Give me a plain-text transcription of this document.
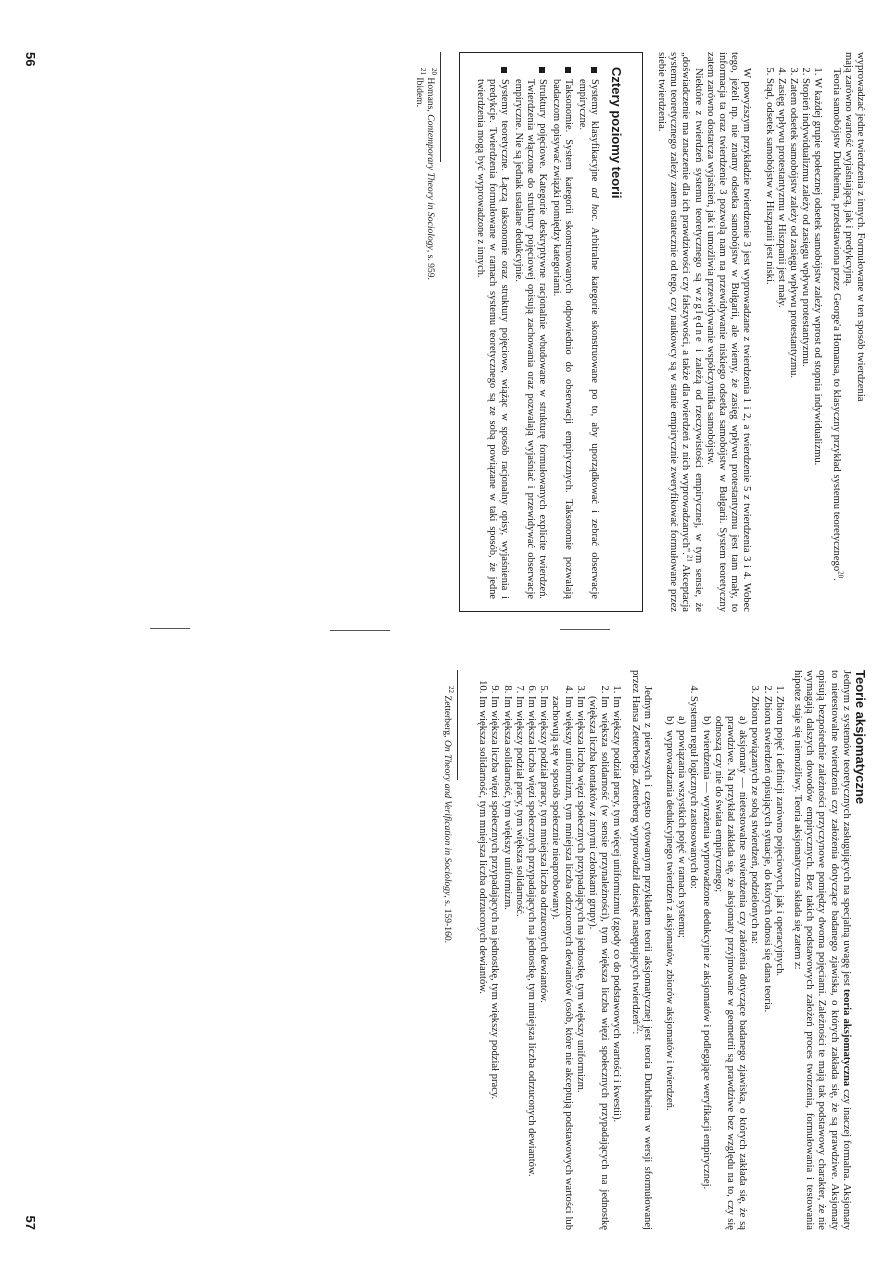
wyprowadzać jedne twierdzenia z innych. Formułowane w ten sposób twierdzenia

mają zarówno wartość wyjaśniającą, jak i predykcyjną.

Teoria samobójstw Durkheima, przedstawiona przez George'a Homansa, to klasyczny przykład systemu teoretycznego$^{20}$.

1. W każdej grupie społecznej odsetek samobójstw zależy wprost od stopnia indywidualizmu.
2. Stopień indywidualizmu zależy od zasięgu wpływu protestantyzmu.
3. Zatem odsetek samobójstw zależy od zasięgu wpływu protestantyzmu.
4. Zasięg wpływu protestantyzmu w Hiszpanii jest mały.
5. Stąd, odsetek samobójstw w Hiszpanii jest niski.

W powyższym przykładzie twierdzenie 3 jest wyprowadzane z twierdzenia 1 i 2, a twierdzenie 5 z twierdzenia 3 i 4. Wobec tego, jeżeli np. nie znamy odsetka samobójstw w Bułgarii, ale wiemy, że zasięg wpływu protestantyzmu jest tam mały, to informacja ta oraz twierdzenie 3 pozwolą nam na przewidywanie niskiego odsetka samobójstw w Bułgarii. System teoretyczny zatem zarówno dostarcza wyjaśnień, jak i umożliwia przewidywanie współczynnika samobójstw.

Niektóre z twierdzeń systemu teoretycznego są względne i zależą od rzeczywistości empirycznej, w tym sensie, że „doświadczenie ma znaczenie dla ich prawdziwości czy fałszywości, a także dla twierdzeń z nich wyprowadzanych".$^{21}$ Akceptacja systemu teoretycznego zależy zatem ostatecznie od tego, czy naukowcy są w stanie empirycznie zweryfikować formułowane przez siebie twierdzenia.

Cztery poziomy teorii
Systemy klasyfikacyjne ad hoc. Arbitralne kategorie skonstruowane po to, aby uporządkować i zebrać obserwacje empiryczne.
Taksonomie. System kategorii skonstruowanych odpowiednio do obserwacji empirycznych. Taksonomie pozwalają badaczom opisywać związki pomiędzy kategoriami.
Struktury pojęciowe. Kategorie deskryptywne racjonalnie wbudowane w strukturę formułowanych explicite twierdzeń. Twierdzenia włączone do struktury pojęciowej opisują zachowania oraz pozwalają wyjaśniać i przewidywać obserwacje empiryczne. Nie są jednak ustalane dedukcyjnie.
Systemy teoretyczne. Łączą taksonomie oraz struktury pojęciowe, wiążąc w sposób racjonalny opisy, wyjaśnienia i predykcje. Twierdzenia formułowane w ramach systemu teoretycznego są ze sobą powiązane w taki sposób, że jedne twierdzenia mogą być wyprowadzone z innych.

$^{20}$ Homans, Contemporary Theory in Sociology, s. 959.

$^{21}$ Ibidem.

56
Teorie aksjomatyczne

Jednym z systemów teoretycznych zasługujących na specjalną uwagę jest teoria aksjomatyczna czy inaczej formalna. Aksjomaty to nietestowalne twierdzenia czy założenia dotyczące badanego zjawiska, o których zakłada się, że są prawdziwe. Aksjomaty opisują bezpośrednie zależności przyczynowe pomiędzy dwoma pojęciami. Zależności te mają tak podstawowy charakter, że nie wymagają dalszych dowodów empirycznych. Bez takich podstawowych założeń proces tworzenia, formułowania i testowania hipotez staje się niemożliwy. Teoria aksjomatyczna składa się zatem z:

1. Zbioru pojęć i definicji zarówno pojęciowych, jak i operacyjnych.
2. Zbioru stwierdzeń opisujących sytuacje, do których odnosi się dana teoria.
3. Zbioru powiązanych ze sobą stwierdzeń, podzielonych na:
a)aksjomaty — nietestowalne stwierdzenia czy założenia dotyczące badanego zjawiska, o których zakłada się, że są prawdziwe. Na przykład zakłada się, że aksjomaty przyjmowane w geometrii są prawdziwe bez względu na to, czy się odnoszą czy nie do świata empirycznego;
b)twierdzenia — wyrażenia wyprowadzone dedukcyjnie z aksjomatów i podlegające weryfikacji empirycznej.
4. Systemu reguł logicznych zastosowanych do:
a)powiązania wszystkich pojęć w ramach systemu;
b)wyprowadzania dedukcyjnego twierdzeń z aksjomatów, zbiorów aksjomatów i twierdzeń.

Jednym z pierwszych i często cytowanym przykładem teorii aksjomatycznej jest teoria Durkheima w wersji sformułowanej przez Hansa Zetterberga. Zetterberg wyprowadził dziesięć następujących twierdzeń$^{22}$:

1. Im większy podział pracy, tym więcej uniformizmu (zgody co do podstawowych wartości i kwestii).
2. Im większa solidarność (w sensie przynależności), tym większa liczba więzi społecznych przypadających na jednostkę (większa liczba kontaktów z innymi członkami grupy).
3. Im większa liczba więzi społecznych przypadających na jednostkę, tym większy uniformizm.
4. Im większy uniformizm, tym mniejsza liczba odrzuconych dewiantów (osób, które nie akceptują podstawowych wartości lub zachowują się w sposób społecznie nieaprobowany).
5. Im większy podział pracy, tym mniejsza liczba odrzuconych dewiantów.
6. Im większa liczba więzi społecznych przypadających na jednostkę, tym mniejsza liczba odrzuconych dewiantów.
7. Im większy podział pracy, tym większa solidarność.
8. Im większa solidarność, tym większy uniformizm.
9. Im większa liczba więzi społecznych przypadających na jednostkę, tym większy podział pracy.
10. Im większa solidarność, tym mniejsza liczba odrzuconych dewiantów.

$^{22}$ Zetterberg, On Theory and Verification in Sociology, s. 159-160.

57
